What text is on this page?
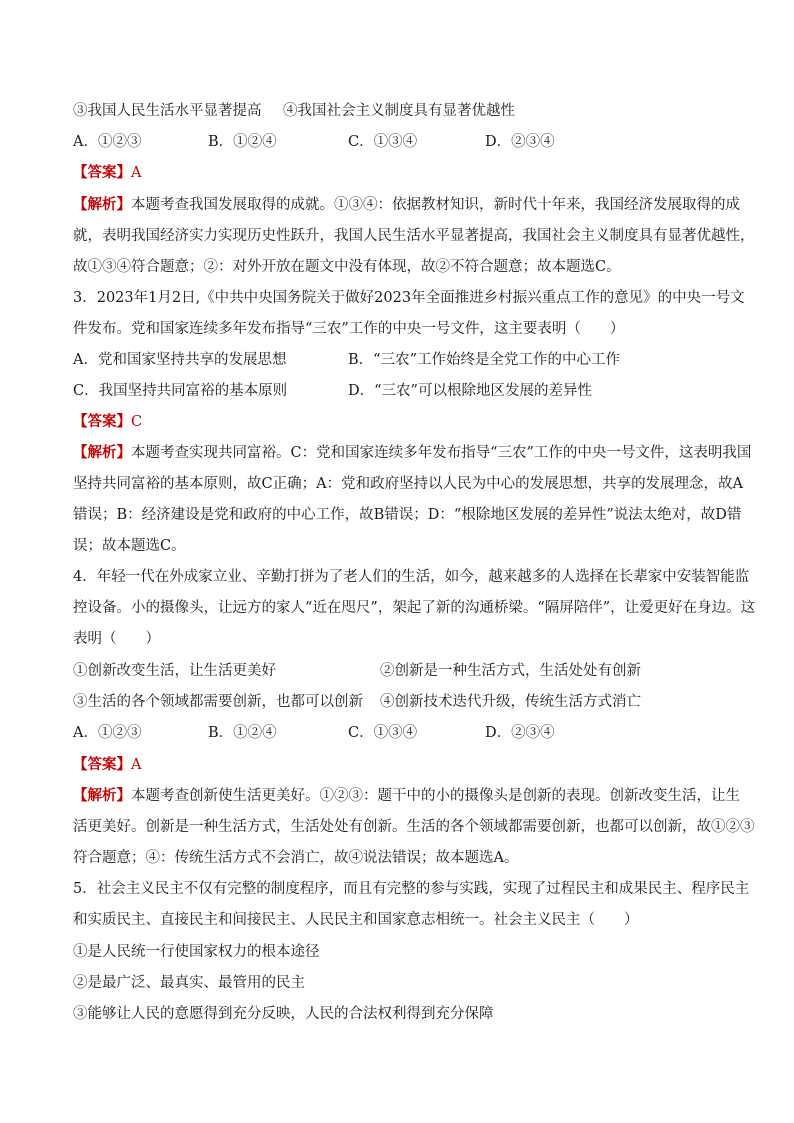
③我国人民生活水平显著提高 ④我国社会主义制度具有显著优越性
A．①②③	B．①②④	C．①③④	D．②③④
【答案】A
【解析】本题考查我国发展取得的成就。①③④：依据教材知识，新时代十年来，我国经济发展取得的成
就，表明我国经济实力实现历史性跃升，我国人民生活水平显著提高，我国社会主义制度具有显著优越性，
故①③④符合题意；②：对外开放在题文中没有体现，故②不符合题意；故本题选C。
3．2023年1月2日,《中共中央国务院关于做好2023年全面推进乡村振兴重点工作的意见》的中央一号文
件发布。党和国家连续多年发布指导“三农”工作的中央一号文件，这主要表明（　　）
A．党和国家坚持共享的发展思想	B．“三农”工作始终是全党工作的中心工作
C．我国坚持共同富裕的基本原则	D．“三农”可以根除地区发展的差异性
【答案】C
【解析】本题考查实现共同富裕。C：党和国家连续多年发布指导“三农”工作的中央一号文件，这表明我国
坚持共同富裕的基本原则，故C正确；A：党和政府坚持以人民为中心的发展思想，共享的发展理念，故A
错误；B：经济建设是党和政府的中心工作，故B错误；D：“根除地区发展的差异性”说法太绝对，故D错
误；故本题选C。
4．年轻一代在外成家立业、辛勤打拼为了老人们的生活，如今，越来越多的人选择在长辈家中安装智能监
控设备。小的摄像头，让远方的家人“近在咫尺”，架起了新的沟通桥梁。“隔屏陪伴”，让爱更好在身边。这
表明（　　）
①创新改变生活，让生活更美好	②创新是一种生活方式，生活处处有创新
③生活的各个领域都需要创新，也都可以创新 ④创新技术迭代升级，传统生活方式消亡
A．①②③	B．①②④	C．①③④	D．②③④
【答案】A
【解析】本题考查创新使生活更美好。①②③：题干中的小的摄像头是创新的表现。创新改变生活，让生
活更美好。创新是一种生活方式，生活处处有创新。生活的各个领域都需要创新，也都可以创新，故①②③
符合题意；④：传统生活方式不会消亡，故④说法错误；故本题选A。
5．社会主义民主不仅有完整的制度程序，而且有完整的参与实践，实现了过程民主和成果民主、程序民主
和实质民主、直接民主和间接民主、人民民主和国家意志相统一。社会主义民主（　　）
①是人民统一行使国家权力的根本途径
②是最广泛、最真实、最管用的民主
③能够让人民的意愿得到充分反映，人民的合法权利得到充分保障
